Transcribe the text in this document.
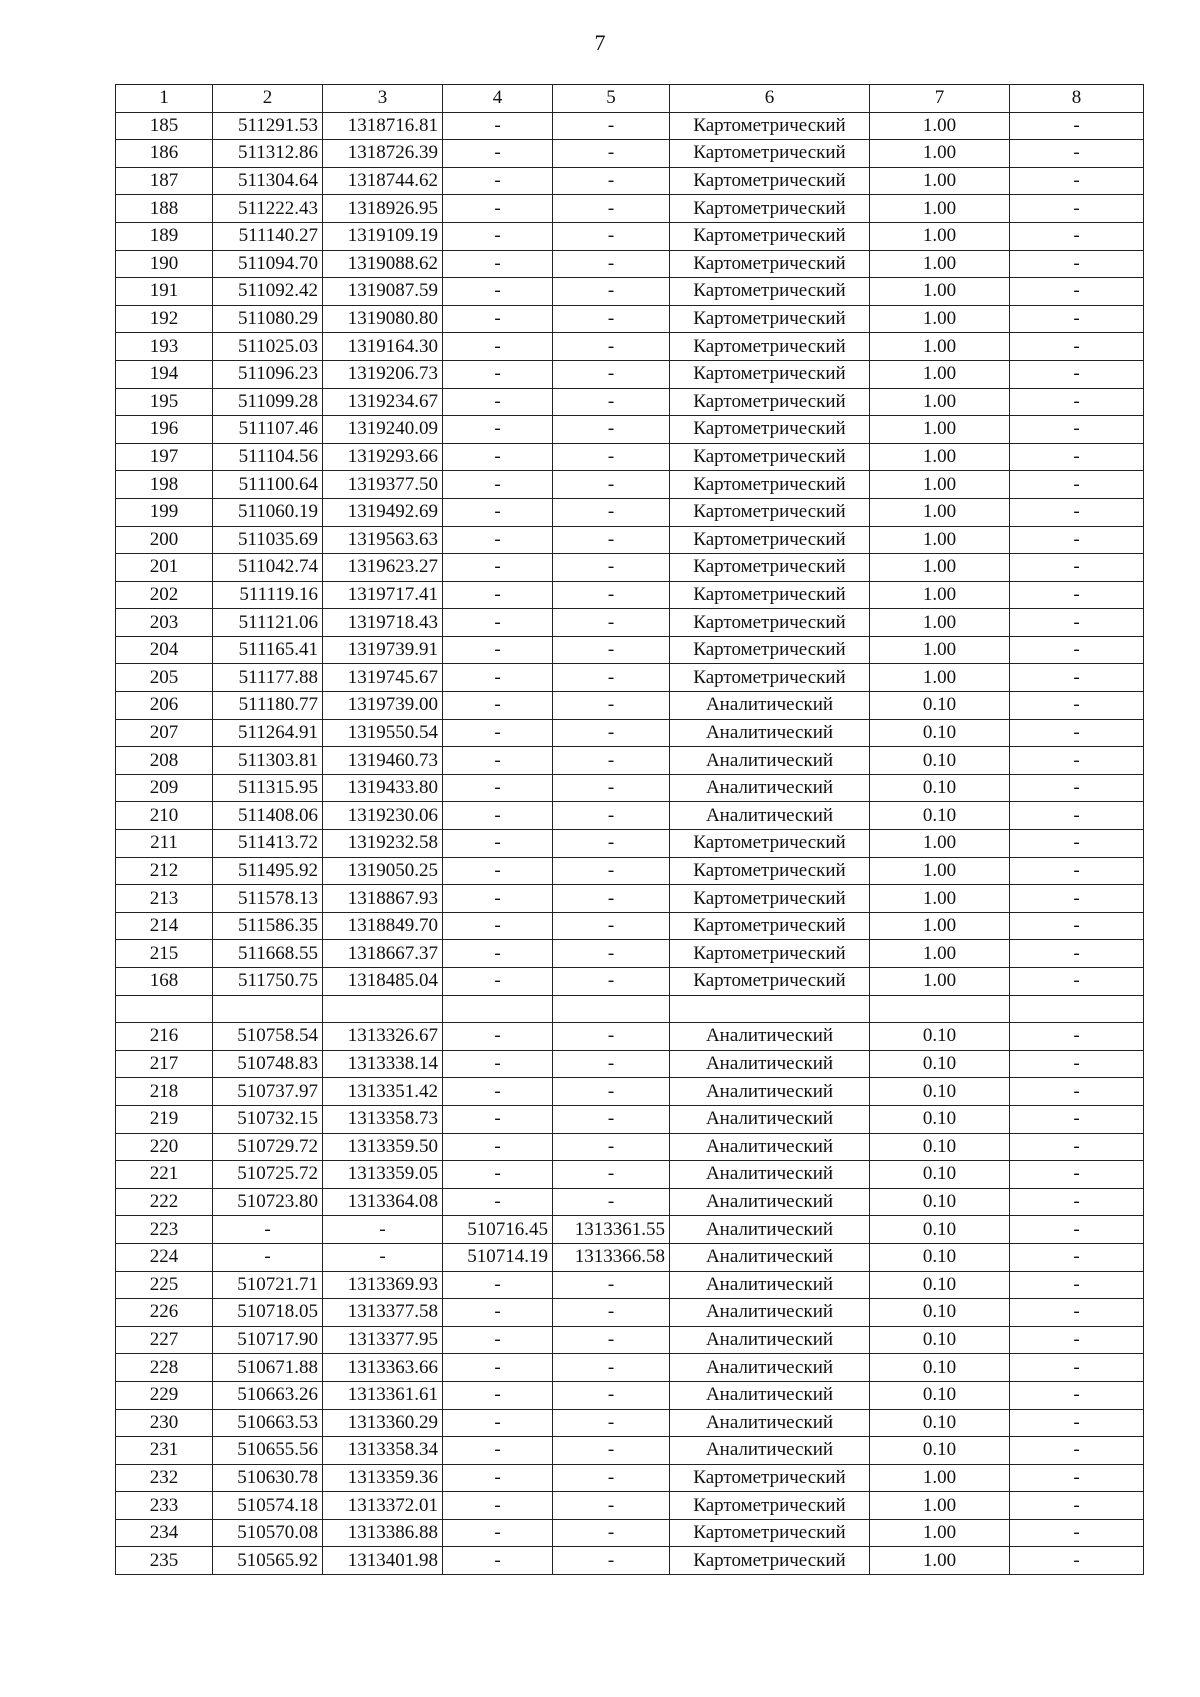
7
1	2	3	4	5	6	7	8
185	511291.53	1318716.81	-	-	Картометрический	1.00	-
186	511312.86	1318726.39	-	-	Картометрический	1.00	-
187	511304.64	1318744.62	-	-	Картометрический	1.00	-
188	511222.43	1318926.95	-	-	Картометрический	1.00	-
189	511140.27	1319109.19	-	-	Картометрический	1.00	-
190	511094.70	1319088.62	-	-	Картометрический	1.00	-
191	511092.42	1319087.59	-	-	Картометрический	1.00	-
192	511080.29	1319080.80	-	-	Картометрический	1.00	-
193	511025.03	1319164.30	-	-	Картометрический	1.00	-
194	511096.23	1319206.73	-	-	Картометрический	1.00	-
195	511099.28	1319234.67	-	-	Картометрический	1.00	-
196	511107.46	1319240.09	-	-	Картометрический	1.00	-
197	511104.56	1319293.66	-	-	Картометрический	1.00	-
198	511100.64	1319377.50	-	-	Картометрический	1.00	-
199	511060.19	1319492.69	-	-	Картометрический	1.00	-
200	511035.69	1319563.63	-	-	Картометрический	1.00	-
201	511042.74	1319623.27	-	-	Картометрический	1.00	-
202	511119.16	1319717.41	-	-	Картометрический	1.00	-
203	511121.06	1319718.43	-	-	Картометрический	1.00	-
204	511165.41	1319739.91	-	-	Картометрический	1.00	-
205	511177.88	1319745.67	-	-	Картометрический	1.00	-
206	511180.77	1319739.00	-	-	Аналитический	0.10	-
207	511264.91	1319550.54	-	-	Аналитический	0.10	-
208	511303.81	1319460.73	-	-	Аналитический	0.10	-
209	511315.95	1319433.80	-	-	Аналитический	0.10	-
210	511408.06	1319230.06	-	-	Аналитический	0.10	-
211	511413.72	1319232.58	-	-	Картометрический	1.00	-
212	511495.92	1319050.25	-	-	Картометрический	1.00	-
213	511578.13	1318867.93	-	-	Картометрический	1.00	-
214	511586.35	1318849.70	-	-	Картометрический	1.00	-
215	511668.55	1318667.37	-	-	Картометрический	1.00	-
168	511750.75	1318485.04	-	-	Картометрический	1.00	-

216	510758.54	1313326.67	-	-	Аналитический	0.10	-
217	510748.83	1313338.14	-	-	Аналитический	0.10	-
218	510737.97	1313351.42	-	-	Аналитический	0.10	-
219	510732.15	1313358.73	-	-	Аналитический	0.10	-
220	510729.72	1313359.50	-	-	Аналитический	0.10	-
221	510725.72	1313359.05	-	-	Аналитический	0.10	-
222	510723.80	1313364.08	-	-	Аналитический	0.10	-
223	-	-	510716.45	1313361.55	Аналитический	0.10	-
224	-	-	510714.19	1313366.58	Аналитический	0.10	-
225	510721.71	1313369.93	-	-	Аналитический	0.10	-
226	510718.05	1313377.58	-	-	Аналитический	0.10	-
227	510717.90	1313377.95	-	-	Аналитический	0.10	-
228	510671.88	1313363.66	-	-	Аналитический	0.10	-
229	510663.26	1313361.61	-	-	Аналитический	0.10	-
230	510663.53	1313360.29	-	-	Аналитический	0.10	-
231	510655.56	1313358.34	-	-	Аналитический	0.10	-
232	510630.78	1313359.36	-	-	Картометрический	1.00	-
233	510574.18	1313372.01	-	-	Картометрический	1.00	-
234	510570.08	1313386.88	-	-	Картометрический	1.00	-
235	510565.92	1313401.98	-	-	Картометрический	1.00	-
